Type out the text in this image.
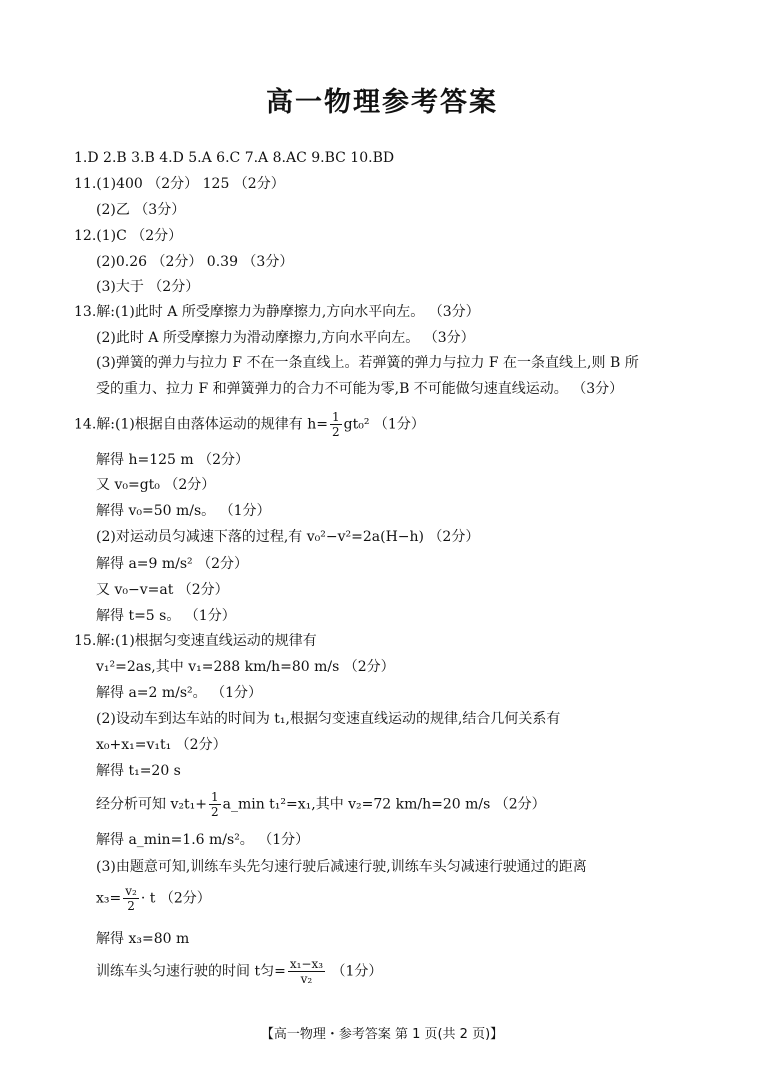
高一物理参考答案
1.D 2.B 3.B 4.D 5.A 6.C 7.A 8.AC 9.BC 10.BD
11.(1)400 （2分） 125 （2分）
(2)乙 （3分）
12.(1)C （2分）
(2)0.26 （2分） 0.39 （3分）
(3)大于 （2分）
13.解:(1)此时 A 所受摩擦力为静摩擦力,方向水平向左。 （3分）
(2)此时 A 所受摩擦力为滑动摩擦力,方向水平向左。 （3分）
(3)弹簧的弹力与拉力 F 不在一条直线上。若弹簧的弹力与拉力 F 在一条直线上,则 B 所
受的重力、拉力 F 和弹簧弹力的合力不可能为零,B 不可能做匀速直线运动。 （3分）
14.解:(1)根据自由落体运动的规律有 $h= \frac{1}{2} gt_0^2$ （1分）
解得 h=125 m （2分）
又 v₀=gt₀ （2分）
解得 v₀=50 m/s。 （1分）
(2)对运动员匀减速下落的过程,有 v₀²−v²=2a(H−h) （2分）
解得 a=9 m/s² （2分）
又 v₀−v=at （2分）
解得 t=5 s。 （1分）
15.解:(1)根据匀变速直线运动的规律有
v₁²=2as,其中 v₁=288 km/h=80 m/s （2分）
解得 a=2 m/s²。 （1分）
(2)设动车到达车站的时间为 t₁,根据匀变速直线运动的规律,结合几何关系有
x₀+x₁=v₁t₁ （2分）
解得 t₁=20 s
经分析可知 $v_2t_1+ \frac{1}{2}$ a_min t₁²=x₁,其中 v₂=72 km/h=20 m/s （2分）
解得 a_min=1.6 m/s²。 （1分）
(3)由题意可知,训练车头先匀速行驶后减速行驶,训练车头匀减速行驶通过的距离
$x_3= \frac{\text{v₂}}{2} \cdot t$ （2分）
解得 x₃=80 m
训练车头匀速行驶的时间 t匀= $\frac{\text{x₁−x₃}}{\text{v₂}} (1$分）
【高一物理・参考答案 第 1 页(共 2 页)】
